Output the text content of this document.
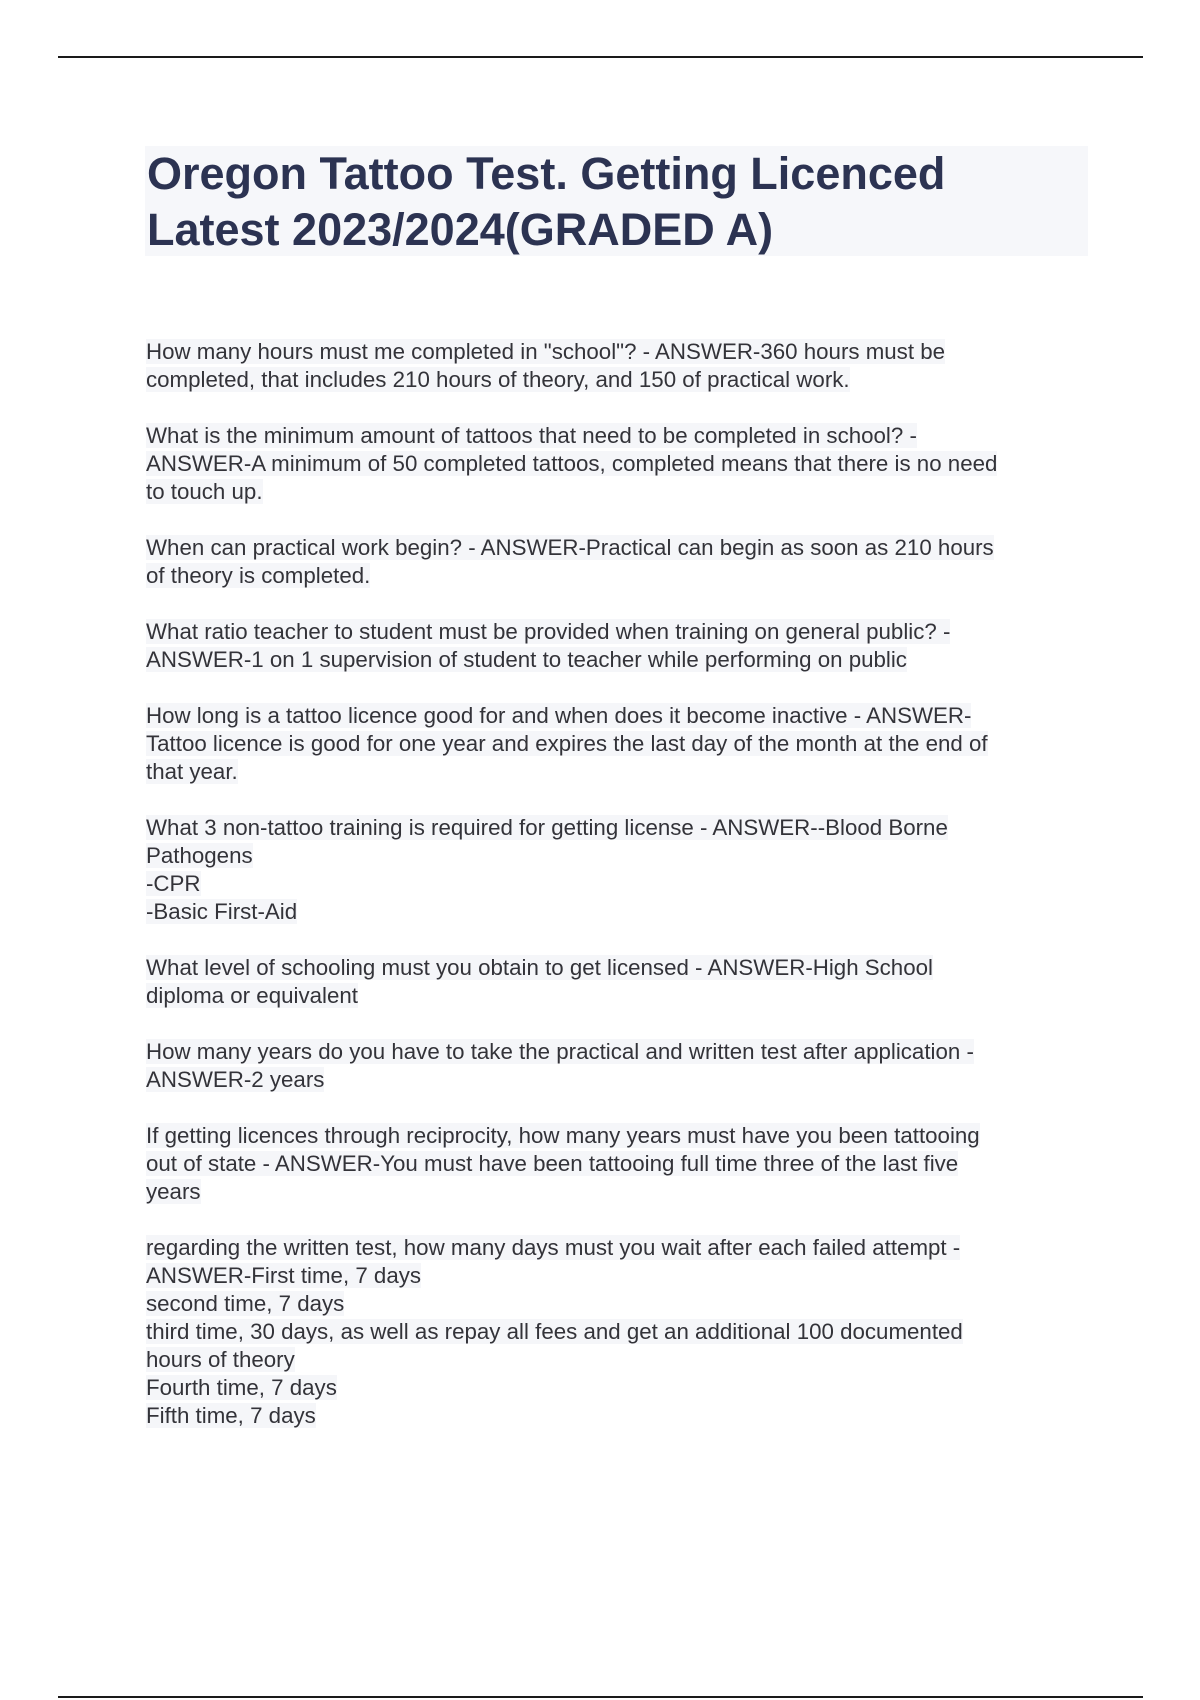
Oregon Tattoo Test. Getting Licenced
Latest 2023/2024(GRADED A)

How many hours must me completed in "school"? - ANSWER-360 hours must be
completed, that includes 210 hours of theory, and 150 of practical work.

What is the minimum amount of tattoos that need to be completed in school? -
ANSWER-A minimum of 50 completed tattoos, completed means that there is no need
to touch up.

When can practical work begin? - ANSWER-Practical can begin as soon as 210 hours
of theory is completed.

What ratio teacher to student must be provided when training on general public? -
ANSWER-1 on 1 supervision of student to teacher while performing on public

How long is a tattoo licence good for and when does it become inactive - ANSWER-
Tattoo licence is good for one year and expires the last day of the month at the end of
that year.

What 3 non-tattoo training is required for getting license - ANSWER--Blood Borne
Pathogens
-CPR
-Basic First-Aid

What level of schooling must you obtain to get licensed - ANSWER-High School
diploma or equivalent

How many years do you have to take the practical and written test after application -
ANSWER-2 years

If getting licences through reciprocity, how many years must have you been tattooing
out of state - ANSWER-You must have been tattooing full time three of the last five
years

regarding the written test, how many days must you wait after each failed attempt -
ANSWER-First time, 7 days
second time, 7 days
third time, 30 days, as well as repay all fees and get an additional 100 documented
hours of theory
Fourth time, 7 days
Fifth time, 7 days
